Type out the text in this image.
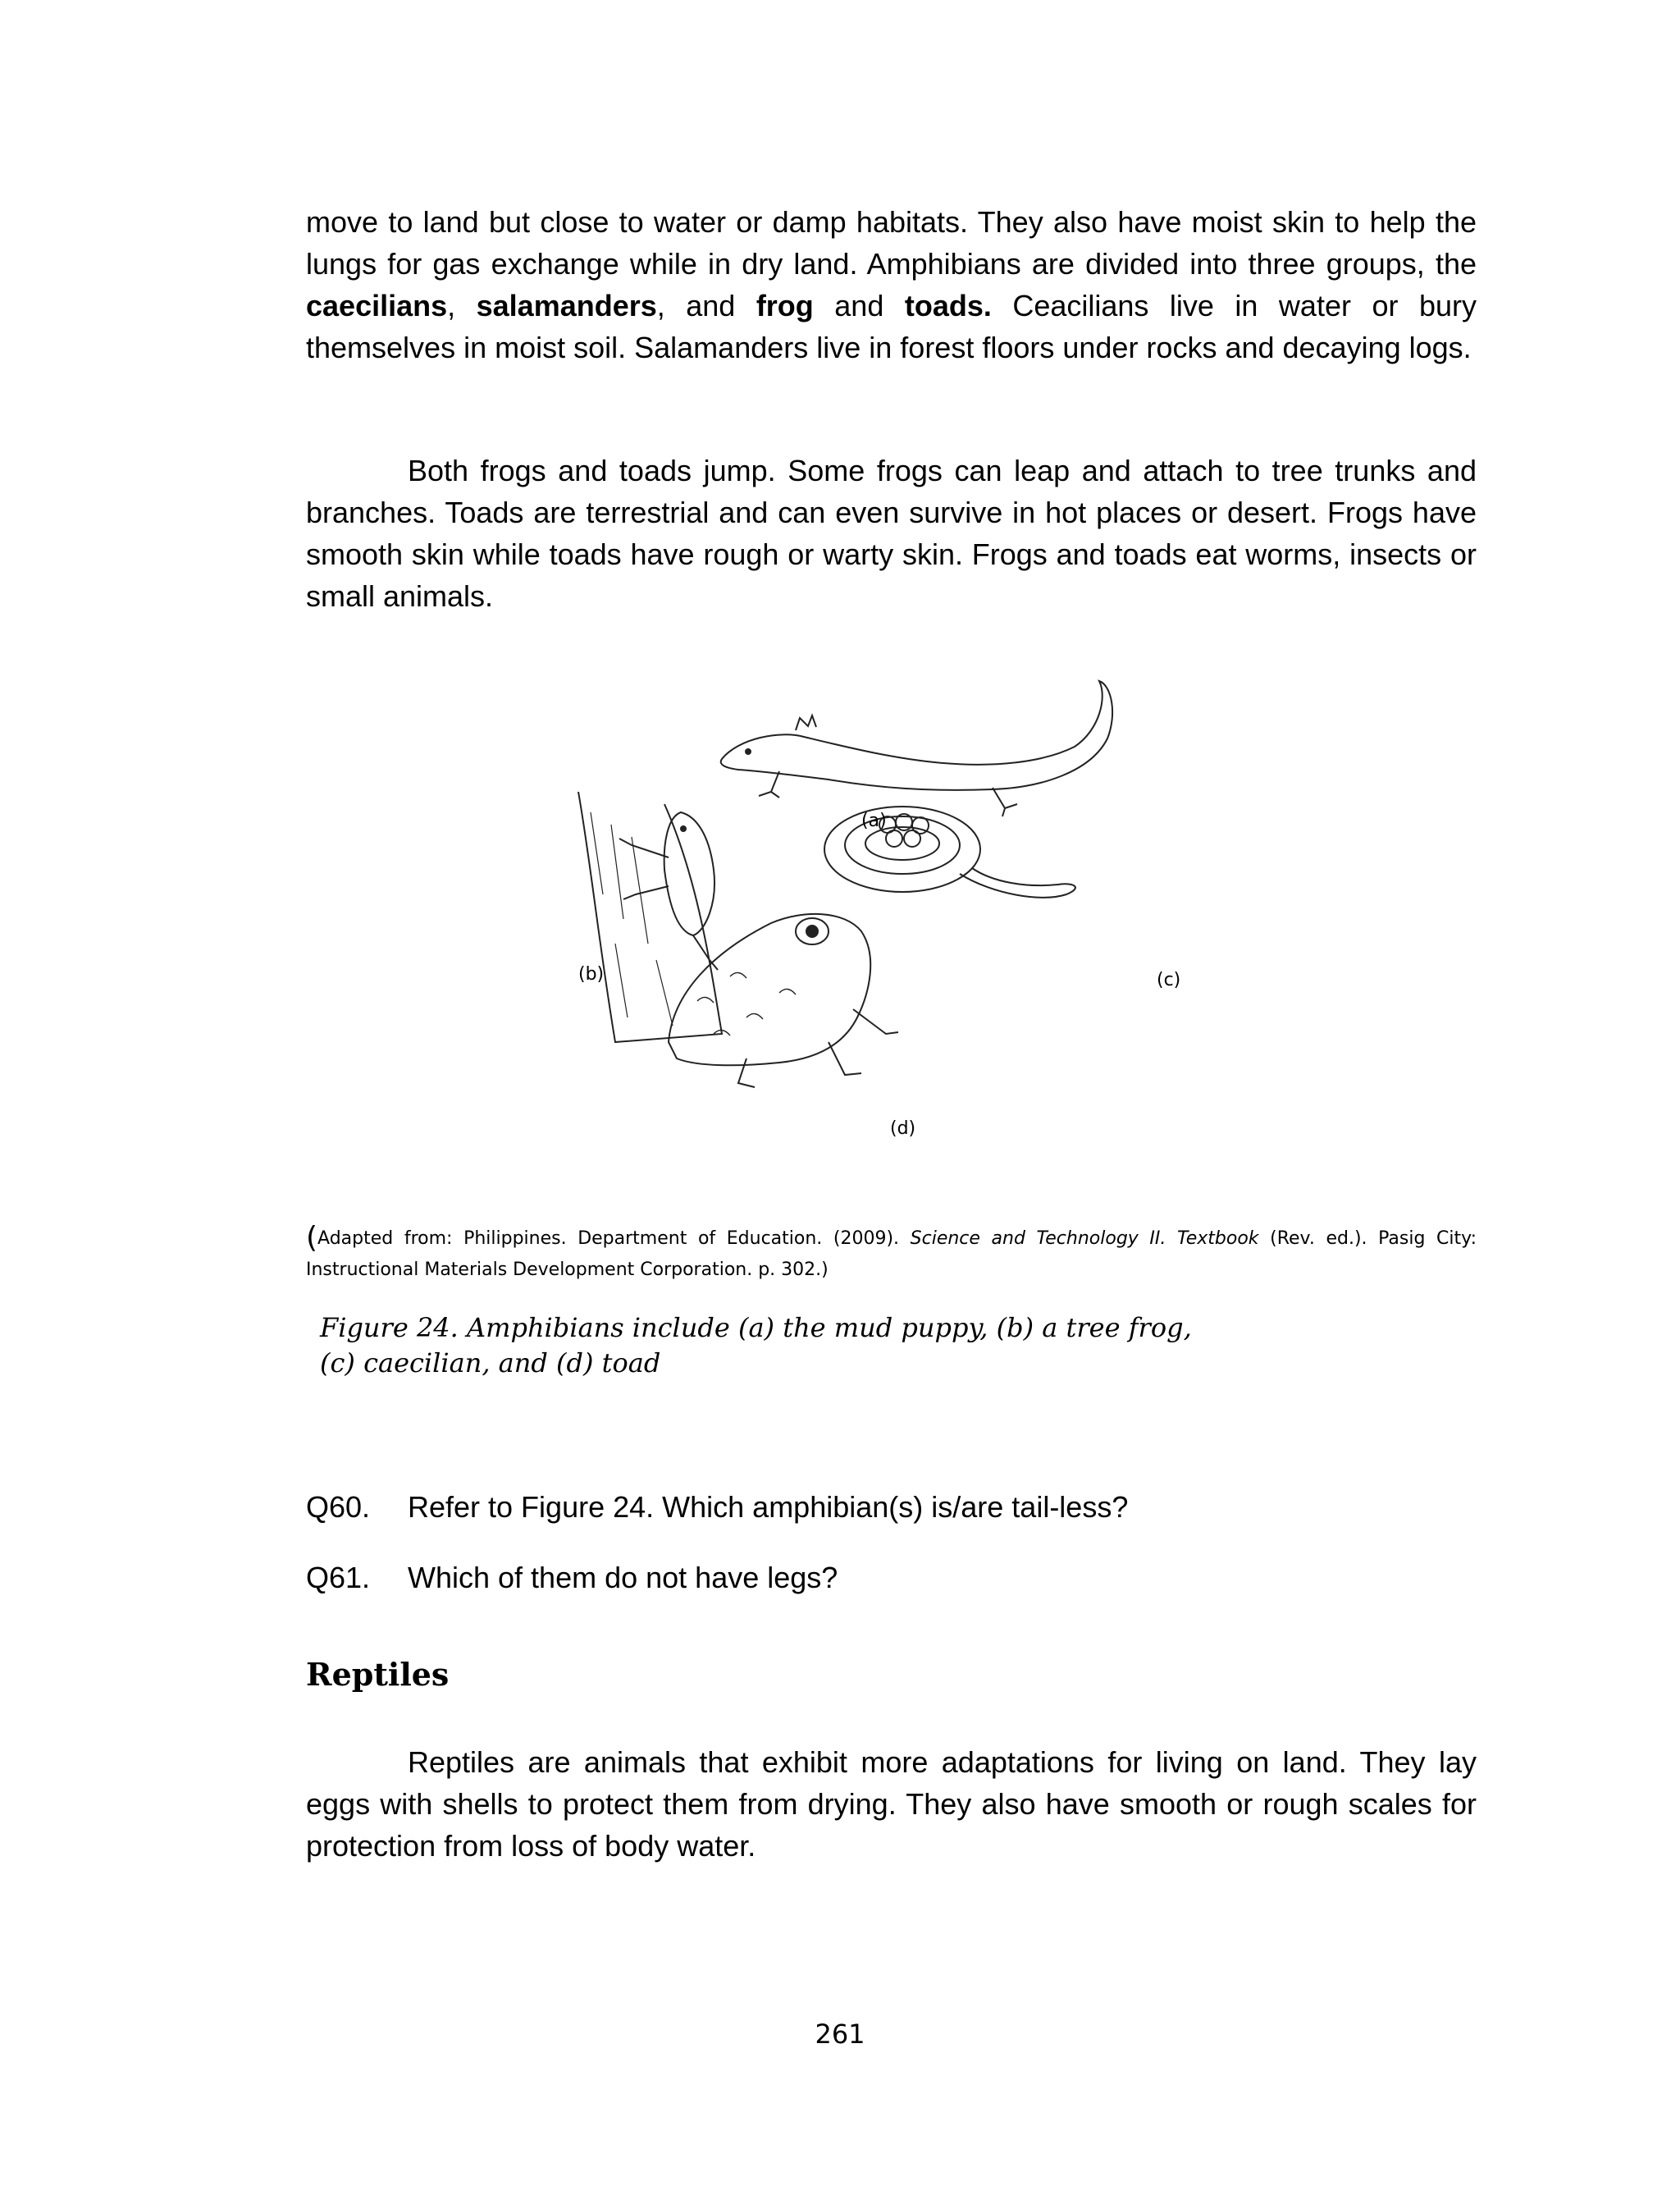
move to land but close to water or damp habitats. They also have moist skin to help the lungs for gas exchange while in dry land. Amphibians are divided into three groups, the caecilians, salamanders, and frog and toads. Ceacilians live in water or bury themselves in moist soil. Salamanders live in forest floors under rocks and decaying logs.

Both frogs and toads jump. Some frogs can leap and attach to tree trunks and branches. Toads are terrestrial and can even survive in hot places or desert. Frogs have smooth skin while toads have rough or warty skin. Frogs and toads eat worms, insects or small animals.

(a)
(b)	(c)
(d)
(Adapted from: Philippines. Department of Education. (2009). Science and Technology II. Textbook (Rev. ed.). Pasig City: Instructional Materials Development Corporation. p. 302.)
Figure 24. Amphibians include (a) the mud puppy, (b) a tree frog,
(c) caecilian, and (d) toad
Q60. Refer to Figure 24. Which amphibian(s) is/are tail-less?
Q61. Which of them do not have legs?
Reptiles

Reptiles are animals that exhibit more adaptations for living on land. They lay eggs with shells to protect them from drying. They also have smooth or rough scales for protection from loss of body water.

261
